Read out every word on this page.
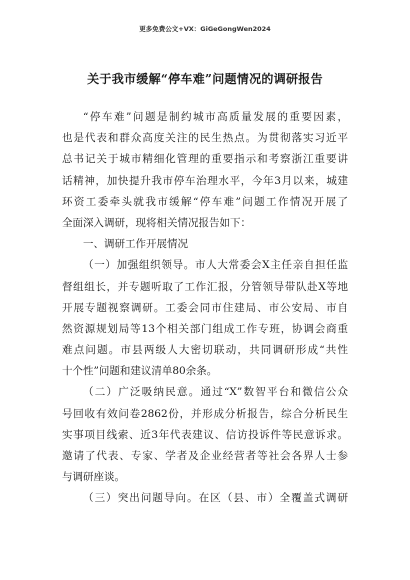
更多免费公文+VX：GiGeGongWen2024
关于我市缓解“停车难”问题情况的调研报告
“停车难”问题是制约城市高质量发展的重要因素，
也是代表和群众高度关注的民生热点。为贯彻落实习近平
总书记关于城市精细化管理的重要指示和考察浙江重要讲
话精神，加快提升我市停车治理水平，今年3月以来，城建
环资工委牵头就我市缓解“停车难”问题工作情况开展了
全面深入调研，现将相关情况报告如下：
一、调研工作开展情况
（一）加强组织领导。市人大常委会X主任亲自担任监
督组组长，并专题听取了工作汇报，分管领导带队赴X等地
开展专题视察调研。工委会同市住建局、市公安局、市自
然资源规划局等13个相关部门组成工作专班，协调会商重
难点问题。市县两级人大密切联动，共同调研形成“共性
十个性”问题和建议清单80余条。
（二）广泛吸纳民意。通过“X”数智平台和微信公众
号回收有效问卷2862份，并形成分析报告，综合分析民生
实事项目线索、近3年代表建议、信访投诉件等民意诉求。
邀请了代表、专家、学者及企业经营者等社会各界人士参
与调研座谈。
（三）突出问题导向。在区（县、市）全覆盖式调研
